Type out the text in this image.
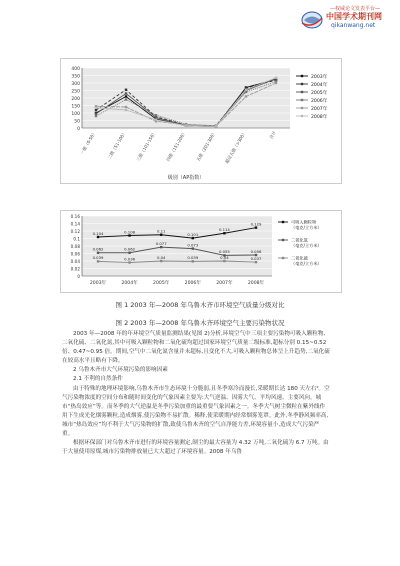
—权威论文发表平台—
中国学术期刊网
qikanwang.net
0
50
100
150
200
250
300
350
400
一级（0-50） 二级（51-100） 三级（101-150） 四级（151-200） 五级（201-300） 超过五级（>300）	合计
级别（AP指数）
2003年
2004年
2005年
2006年
2007年
2008年
图 1 2003 年—2008 年乌鲁木齐市环境空气质量分级对比
0
0.02
0.04
0.06
0.08
0.1
0.12
0.14
0.16
2003年	2004年	2005年	2006年	2007年	2008年
0.104	0.108	0.11
0.101
0.114
0.129	可吸入颗粒物（毫克/立方米）
0.062	0.062
0.077	0.073
0.055	0.056
二氧化氮（毫克/立方米）
0.039	0.036	0.04	0.039	0.04	0.037	二氧化硫（毫克/立方米）
图 2 2003 年—2008 年乌鲁木齐环境空气主要污染物状况

2003 年—2008 年的年环境空气质量监测结果(见图 2)分析,环境空气中三项主要污染物可吸入颗粒物、二氧化硫、二氧化氮,其中可吸入颗粒物和二氧化硫均超过国家环境空气质量二级标准,超标分别 0.15~0.52 倍、0.47~0.95 倍。期间,空气中二氧化氮含量并未超标,且变化不大,可吸入颗粒物总体呈上升趋势,二氧化硫在较高水平且略有下降。

2 乌鲁木齐市大气环境污染的影响因素

2.1 不利的自然条件

由于特殊的地理环境影响,乌鲁木齐市生态环境十分脆弱,且冬季寒冷而漫长,采暖期长达 180 天左右²。空气污染物浓度的空间分布和随时间变化的气象因素主要为:大气逆温、因雾大气、平均风速、主要风向。城市“热岛效应”等。而冬季的大气逆温是冬季污染加重的最重要气象因素之一。冬季大气树尘微粒在紫外线作用下生成光化烟雾颗粒,造成烟雾,使污染物不易扩散。稀释,使采暖期内经常烟雾笼罩。此外,冬季静风频率高,城市“热岛效应”均不利于大气污染物的扩散,致使乌鲁木齐的空气自净能力差,环境容量小,造成大气污染严重。

根据环保部门对乌鲁木齐市进行的环境容量测定,制尘的最大容量为 4.32 万吨,二氧化硫为 6.7 万吨。由于大量使用原煤,城市污染物排放量已大大超过了环境容量。2008 年乌鲁
